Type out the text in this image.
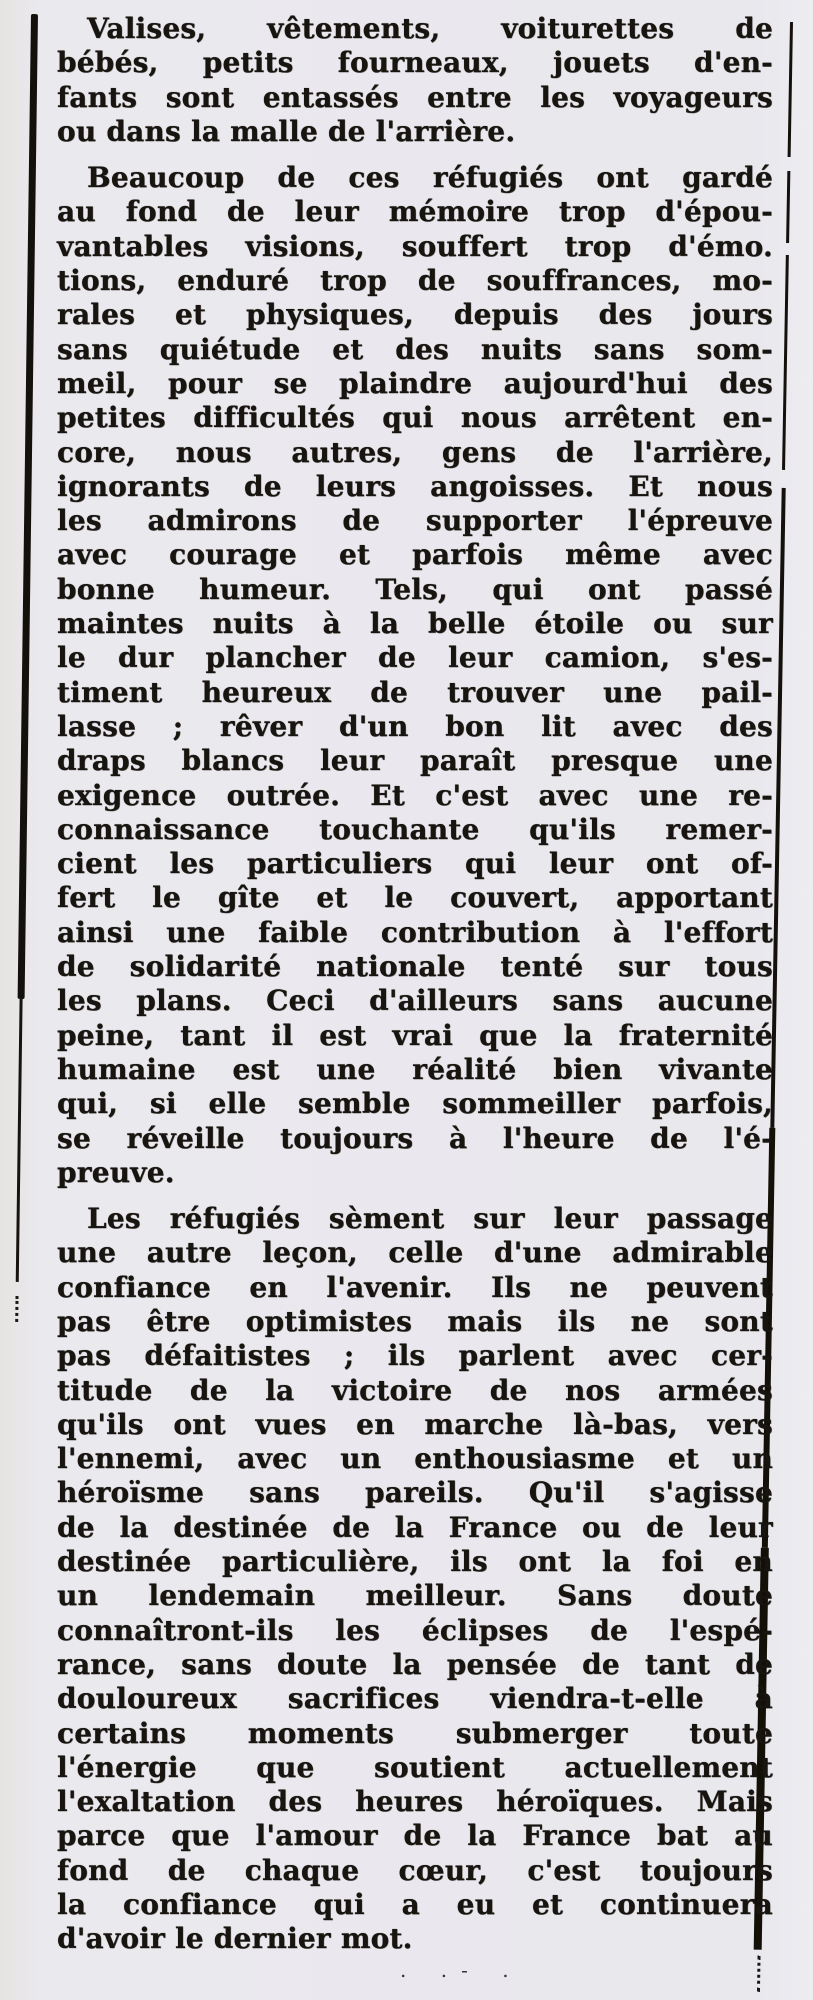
Valises, vêtements, voiturettes de
bébés, petits fourneaux, jouets d'en-
fants sont entassés entre les voyageurs
ou dans la malle de l'arrière.
Beaucoup de ces réfugiés ont gardé
au fond de leur mémoire trop d'épou-
vantables visions, souffert trop d'émo.
tions, enduré trop de souffrances, mo-
rales et physiques, depuis des jours
sans quiétude et des nuits sans som-
meil, pour se plaindre aujourd'hui des
petites difficultés qui nous arrêtent en-
core, nous autres, gens de l'arrière,
ignorants de leurs angoisses. Et nous
les admirons de supporter l'épreuve
avec courage et parfois même avec
bonne humeur. Tels, qui ont passé
maintes nuits à la belle étoile ou sur
le dur plancher de leur camion, s'es-
timent heureux de trouver une pail-
lasse ; rêver d'un bon lit avec des
draps blancs leur paraît presque une
exigence outrée. Et c'est avec une re-
connaissance touchante qu'ils remer-
cient les particuliers qui leur ont of-
fert le gîte et le couvert, apportant
ainsi une faible contribution à l'effort
de solidarité nationale tenté sur tous
les plans. Ceci d'ailleurs sans aucune
peine, tant il est vrai que la fraternité
humaine est une réalité bien vivante
qui, si elle semble sommeiller parfois,
se réveille toujours à l'heure de l'é-
preuve.
Les réfugiés sèment sur leur passage
une autre leçon, celle d'une admirable
confiance en l'avenir. Ils ne peuvent
pas être optimistes mais ils ne sont
pas défaitistes ; ils parlent avec cer-
titude de la victoire de nos armées
qu'ils ont vues en marche là-bas, vers
l'ennemi, avec un enthousiasme et un
héroïsme sans pareils. Qu'il s'agisse
de la destinée de la France ou de leur
destinée particulière, ils ont la foi en
un lendemain meilleur. Sans doute
connaîtront-ils les éclipses de l'espé-
rance, sans doute la pensée de tant de
douloureux sacrifices viendra-t-elle à
certains moments submerger toute
l'énergie que soutient actuellement
l'exaltation des heures héroïques. Mais
parce que l'amour de la France bat au
fond de chaque cœur, c'est toujours
la confiance qui a eu et continuera
d'avoir le dernier mot.
. .- .
